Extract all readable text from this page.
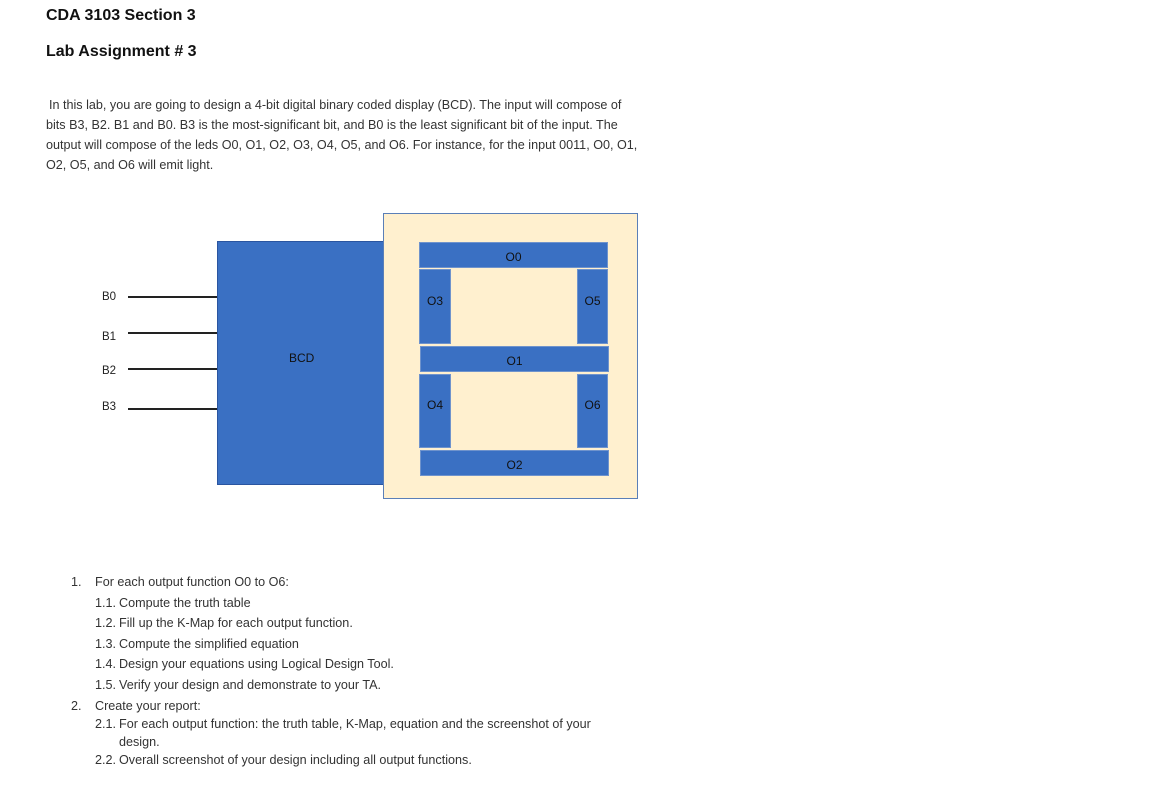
CDA 3103 Section 3
Lab Assignment # 3
In this lab, you are going to design a 4-bit digital binary coded display (BCD). The input will compose of
bits B3, B2. B1 and B0. B3 is the most-significant bit, and B0 is the least significant bit of the input. The
output will compose of the leds O0, O1, O2, O3, O4, O5, and O6. For instance, for the input 0011, O0, O1,
O2, O5, and O6 will emit light.
B0
B1
B2
B3
BCD
O0
O3	O5
O1
O4	O6
O2
1. For each output function O0 to O6:
1.1. Compute the truth table
1.2. Fill up the K-Map for each output function.
1.3. Compute the simplified equation
1.4. Design your equations using Logical Design Tool.
1.5. Verify your design and demonstrate to your TA.
2. Create your report:
2.1. For each output function: the truth table, K-Map, equation and the screenshot of your
design.
2.2. Overall screenshot of your design including all output functions.
